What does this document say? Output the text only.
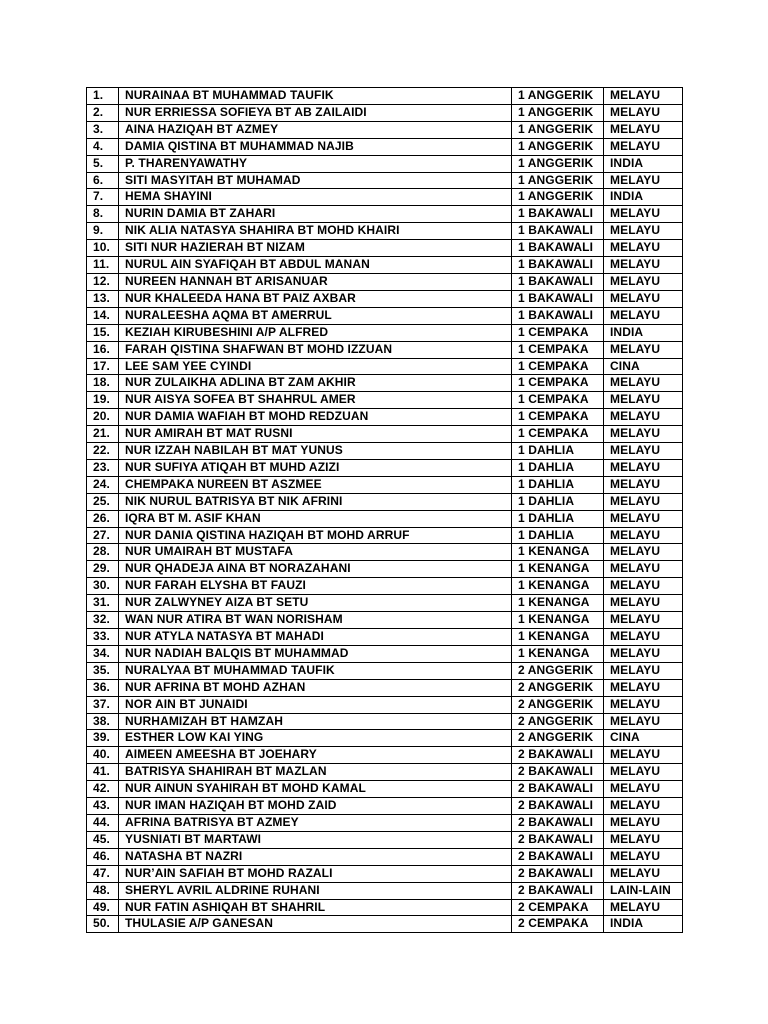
1.	NURAINAA BT MUHAMMAD TAUFIK	1 ANGGERIK	MELAYU
2.	NUR ERRIESSA SOFIEYA BT AB ZAILAIDI	1 ANGGERIK	MELAYU
3.	AINA HAZIQAH BT AZMEY	1 ANGGERIK	MELAYU
4.	DAMIA QISTINA BT MUHAMMAD NAJIB	1 ANGGERIK	MELAYU
5.	P. THARENYAWATHY	1 ANGGERIK	INDIA
6.	SITI MASYITAH BT MUHAMAD	1 ANGGERIK	MELAYU
7.	HEMA SHAYINI	1 ANGGERIK	INDIA
8.	NURIN DAMIA BT ZAHARI	1 BAKAWALI	MELAYU
9.	NIK ALIA NATASYA SHAHIRA BT MOHD KHAIRI	1 BAKAWALI	MELAYU
10.	SITI NUR HAZIERAH BT NIZAM	1 BAKAWALI	MELAYU
11.	NURUL AIN SYAFIQAH BT ABDUL MANAN	1 BAKAWALI	MELAYU
12.	NUREEN HANNAH BT ARISANUAR	1 BAKAWALI	MELAYU
13.	NUR KHALEEDA HANA BT PAIZ AXBAR	1 BAKAWALI	MELAYU
14.	NURALEESHA AQMA BT AMERRUL	1 BAKAWALI	MELAYU
15.	KEZIAH KIRUBESHINI A/P ALFRED	1 CEMPAKA	INDIA
16.	FARAH QISTINA SHAFWAN BT MOHD IZZUAN	1 CEMPAKA	MELAYU
17.	LEE SAM YEE CYINDI	1 CEMPAKA	CINA
18.	NUR ZULAIKHA ADLINA BT ZAM AKHIR	1 CEMPAKA	MELAYU
19.	NUR AISYA SOFEA BT SHAHRUL AMER	1 CEMPAKA	MELAYU
20.	NUR DAMIA WAFIAH BT MOHD REDZUAN	1 CEMPAKA	MELAYU
21.	NUR AMIRAH BT MAT RUSNI	1 CEMPAKA	MELAYU
22.	NUR IZZAH NABILAH BT MAT YUNUS	1 DAHLIA	MELAYU
23.	NUR SUFIYA ATIQAH BT MUHD AZIZI	1 DAHLIA	MELAYU
24.	CHEMPAKA NUREEN BT ASZMEE	1 DAHLIA	MELAYU
25.	NIK NURUL BATRISYA BT NIK AFRINI	1 DAHLIA	MELAYU
26.	IQRA BT M. ASIF KHAN	1 DAHLIA	MELAYU
27.	NUR DANIA QISTINA HAZIQAH BT MOHD ARRUF	1 DAHLIA	MELAYU
28.	NUR UMAIRAH BT MUSTAFA	1 KENANGA	MELAYU
29.	NUR QHADEJA AINA BT NORAZAHANI	1 KENANGA	MELAYU
30.	NUR FARAH ELYSHA BT FAUZI	1 KENANGA	MELAYU
31.	NUR ZALWYNEY AIZA BT SETU	1 KENANGA	MELAYU
32.	WAN NUR ATIRA BT WAN NORISHAM	1 KENANGA	MELAYU
33.	NUR ATYLA NATASYA BT MAHADI	1 KENANGA	MELAYU
34.	NUR NADIAH BALQIS BT MUHAMMAD	1 KENANGA	MELAYU
35.	NURALYAA BT MUHAMMAD TAUFIK	2 ANGGERIK	MELAYU
36.	NUR AFRINA BT MOHD AZHAN	2 ANGGERIK	MELAYU
37.	NOR AIN BT JUNAIDI	2 ANGGERIK	MELAYU
38.	NURHAMIZAH BT HAMZAH	2 ANGGERIK	MELAYU
39.	ESTHER LOW KAI YING	2 ANGGERIK	CINA
40.	AIMEEN AMEESHA BT JOEHARY	2 BAKAWALI	MELAYU
41.	BATRISYA SHAHIRAH BT MAZLAN	2 BAKAWALI	MELAYU
42.	NUR AINUN SYAHIRAH BT MOHD KAMAL	2 BAKAWALI	MELAYU
43.	NUR IMAN HAZIQAH BT MOHD ZAID	2 BAKAWALI	MELAYU
44.	AFRINA BATRISYA BT AZMEY	2 BAKAWALI	MELAYU
45.	YUSNIATI BT MARTAWI	2 BAKAWALI	MELAYU
46.	NATASHA BT NAZRI	2 BAKAWALI	MELAYU
47.	NUR’AIN SAFIAH BT MOHD RAZALI	2 BAKAWALI	MELAYU
48.	SHERYL AVRIL ALDRINE RUHANI	2 BAKAWALI	LAIN-LAIN
49.	NUR FATIN ASHIQAH BT SHAHRIL	2 CEMPAKA	MELAYU
50.	THULASIE A/P GANESAN	2 CEMPAKA	INDIA
